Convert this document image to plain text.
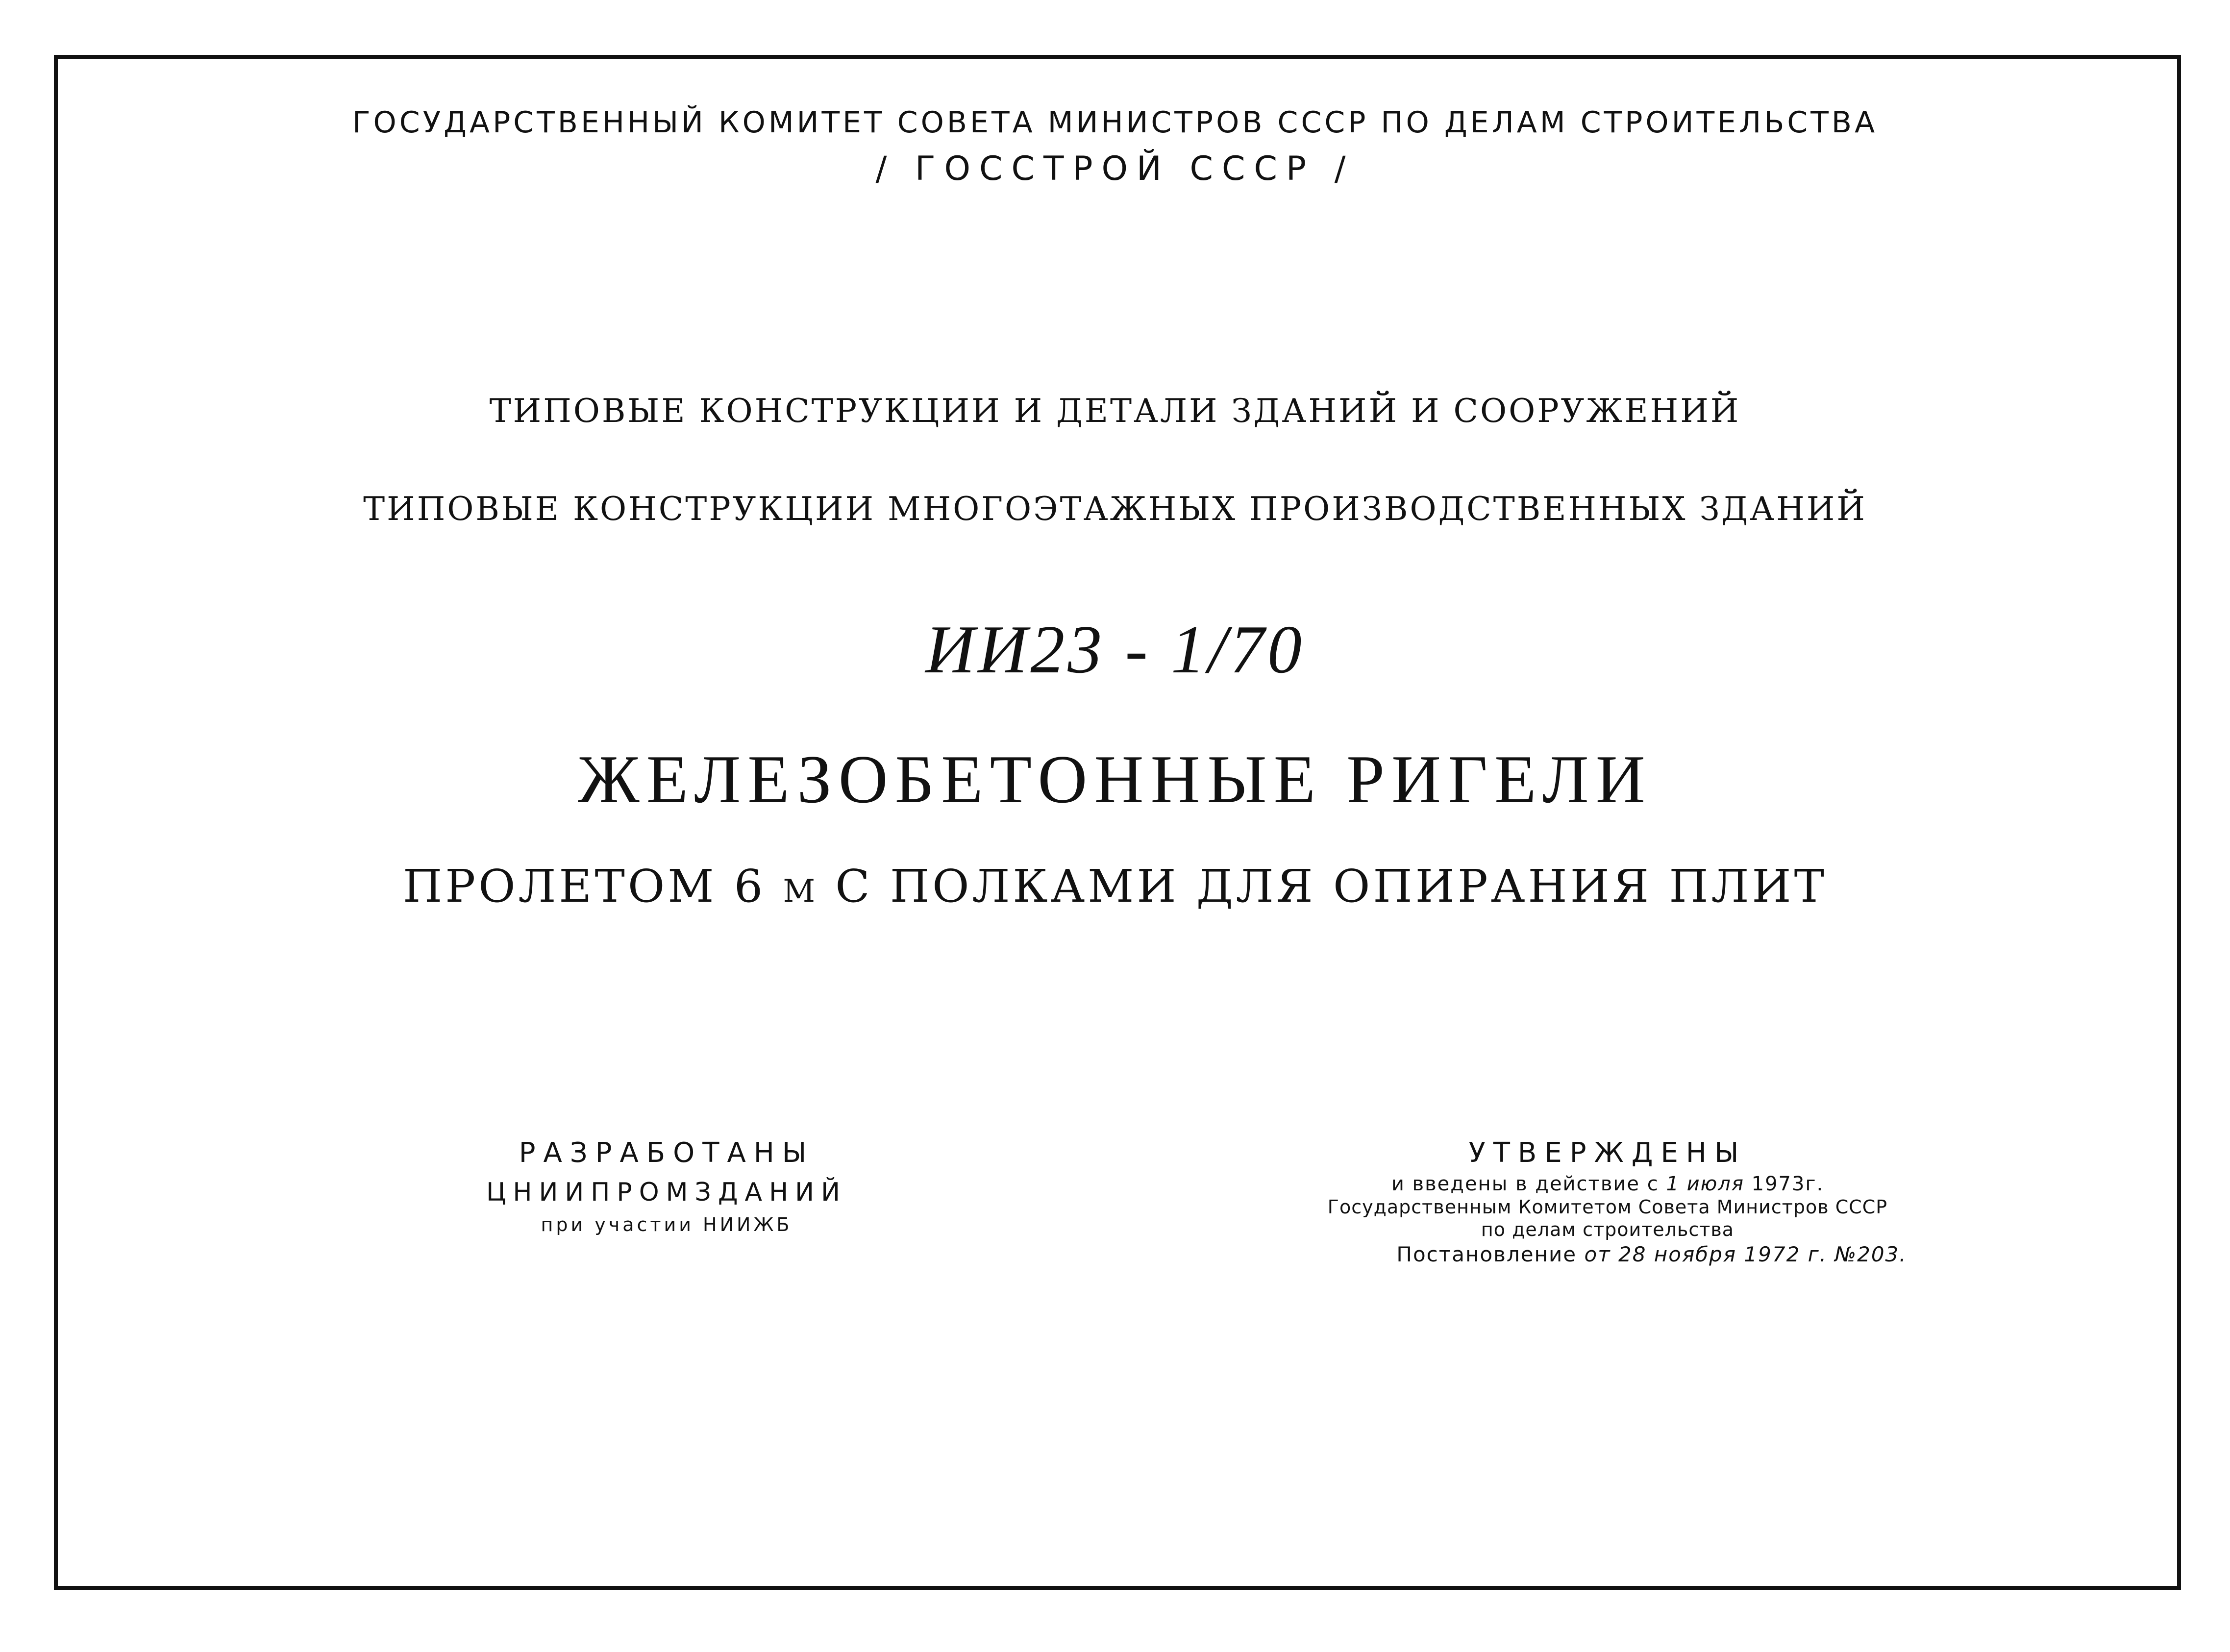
ГОСУДАРСТВЕННЫЙ КОМИТЕТ СОВЕТА МИНИСТРОВ СССР ПО ДЕЛАМ СТРОИТЕЛЬСТВА

/ ГОССТРОЙ СССР /

ТИПОВЫЕ КОНСТРУКЦИИ И ДЕТАЛИ ЗДАНИЙ И СООРУЖЕНИЙ

ТИПОВЫЕ КОНСТРУКЦИИ МНОГОЭТАЖНЫХ ПРОИЗВОДСТВЕННЫХ ЗДАНИЙ

ИИ23 - 1/70

ЖЕЛЕЗОБЕТОННЫЕ РИГЕЛИ

ПРОЛЕТОМ 6 м С ПОЛКАМИ ДЛЯ ОПИРАНИЯ ПЛИТ

РАЗРАБОТАНЫ
ЦНИИПРОМЗДАНИЙ
при участии НИИЖБ
УТВЕРЖДЕНЫ
и введены в действие с 1 июля 1973г.
Государственным Комитетом Совета Министров СССР
по делам строительства
Постановление от 28 ноября 1972 г. №203.
